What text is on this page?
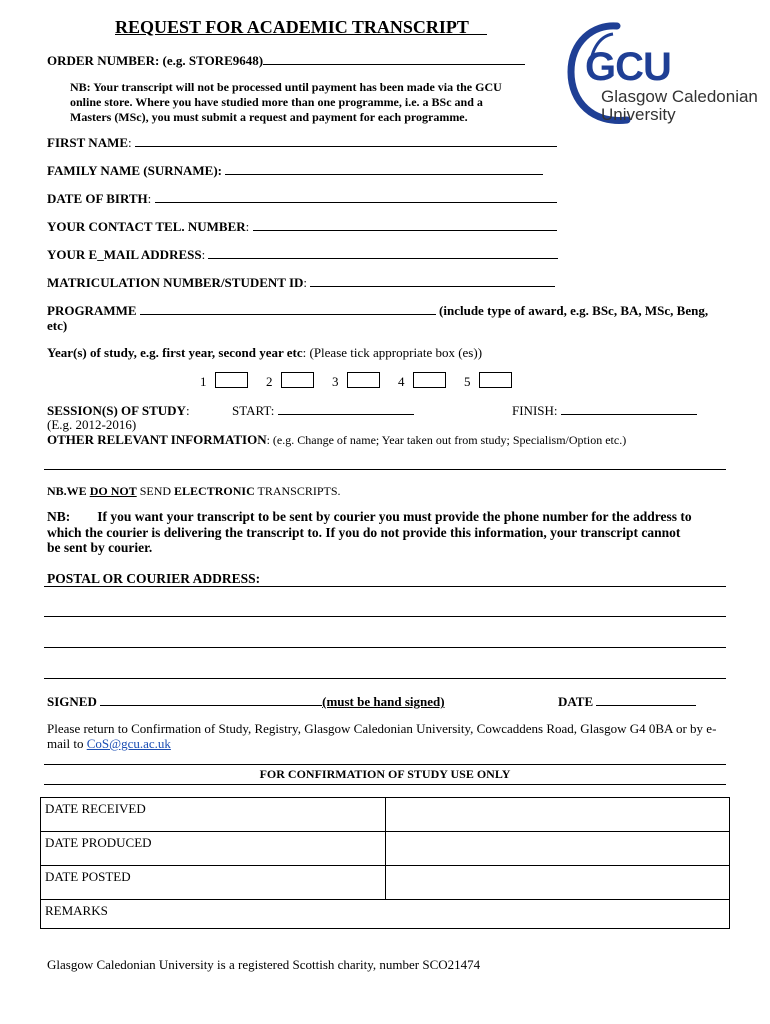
REQUEST FOR ACADEMIC TRANSCRIPT
ORDER NUMBER: (e.g. STORE9648)
NB: Your transcript will not be processed until payment has been made via the GCU
online store. Where you have studied more than one programme, i.e. a BSc and a
Masters (MSc), you must submit a request and payment for each programme.
GCU
Glasgow Caledonian
University
FIRST NAME:
FAMILY NAME (SURNAME):
DATE OF BIRTH:
YOUR CONTACT TEL. NUMBER:
YOUR E_MAIL ADDRESS:
MATRICULATION NUMBER/STUDENT ID:
PROGRAMME	(include type of award, e.g. BSc, BA, MSc, Beng,
etc)
Year(s) of study, e.g. first year, second year etc: (Please tick appropriate box (es))
1	2	3	4	5
SESSION(S) OF STUDY:	START:	FINISH:
(E.g. 2012-2016)
OTHER RELEVANT INFORMATION: (e.g. Change of name; Year taken out from study; Specialism/Option etc.)
NB.WE DO NOT SEND ELECTRONIC TRANSCRIPTS.
NB: If you want your transcript to be sent by courier you must provide the phone number for the address to
which the courier is delivering the transcript to. If you do not provide this information, your transcript cannot
be sent by courier.
POSTAL OR COURIER ADDRESS:
SIGNED	(must be hand signed)	DATE
Please return to Confirmation of Study, Registry, Glasgow Caledonian University, Cowcaddens Road, Glasgow G4 0BA or by e-
mail to CoS@gcu.ac.uk
FOR CONFIRMATION OF STUDY USE ONLY
DATE RECEIVED	
DATE PRODUCED	
DATE POSTED	
REMARKS	
Glasgow Caledonian University is a registered Scottish charity, number SCO21474
